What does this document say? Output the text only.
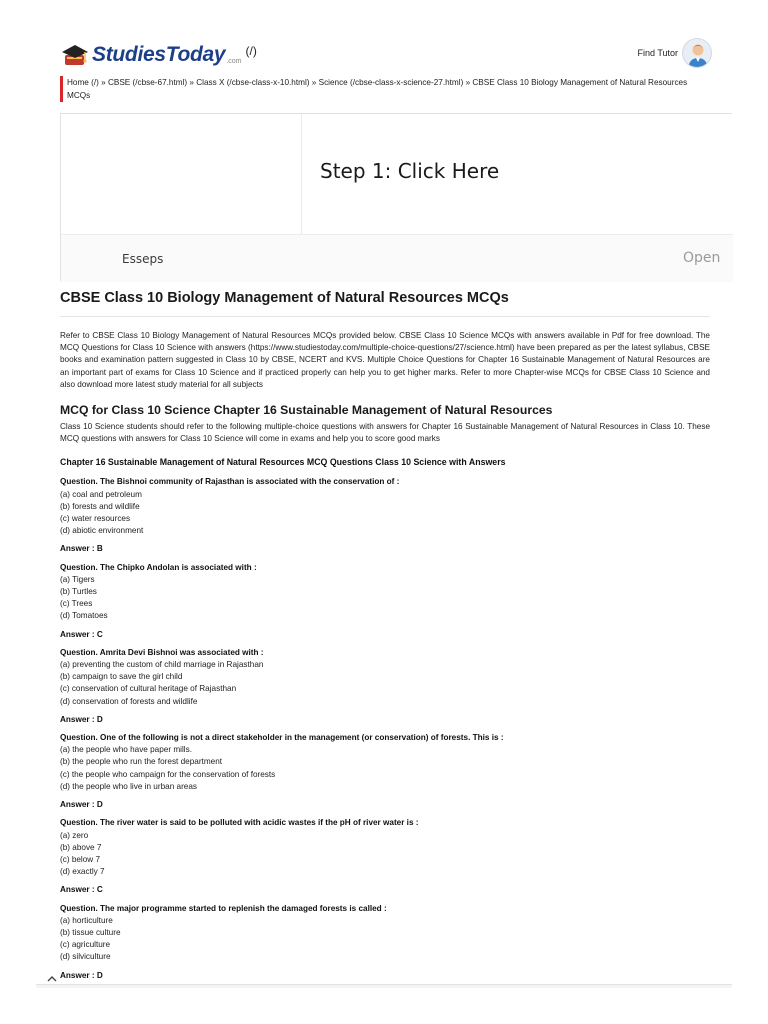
StudiesToday .com
(/)	Find Tutor
Home (/) » CBSE (/cbse-67.html) » Class X (/cbse-class-x-10.html) » Science (/cbse-class-x-science-27.html) » CBSE Class 10 Biology Management of Natural Resources MCQs
Step 1: Click Here
Esseps	Open
CBSE Class 10 Biology Management of Natural Resources MCQs

Refer to CBSE Class 10 Biology Management of Natural Resources MCQs provided below. CBSE Class 10 Science MCQs with answers available in Pdf for free download. The MCQ Questions for Class 10 Science with answers (https://www.studiestoday.com/multiple-choice-questions/27/science.html) have been prepared as per the latest syllabus, CBSE books and examination pattern suggested in Class 10 by CBSE, NCERT and KVS. Multiple Choice Questions for Chapter 16 Sustainable Management of Natural Resources are an important part of exams for Class 10 Science and if practiced properly can help you to get higher marks. Refer to more Chapter-wise MCQs for CBSE Class 10 Science and also download more latest study material for all subjects

MCQ for Class 10 Science Chapter 16 Sustainable Management of Natural Resources

Class 10 Science students should refer to the following multiple-choice questions with answers for Chapter 16 Sustainable Management of Natural Resources in Class 10. These MCQ questions with answers for Class 10 Science will come in exams and help you to score good marks

Chapter 16 Sustainable Management of Natural Resources MCQ Questions Class 10 Science with Answers
Question. The Bishnoi community of Rajasthan is associated with the conservation of :
(a) coal and petroleum
(b) forests and wildlife
(c) water resources
(d) abiotic environment
Answer : B
Question. The Chipko Andolan is associated with :
(a) Tigers
(b) Turtles
(c) Trees
(d) Tomatoes
Answer : C
Question. Amrita Devi Bishnoi was associated with :
(a) preventing the custom of child marriage in Rajasthan
(b) campaign to save the girl child
(c) conservation of cultural heritage of Rajasthan
(d) conservation of forests and wildlife
Answer : D
Question. One of the following is not a direct stakeholder in the management (or conservation) of forests. This is :
(a) the people who have paper mills.
(b) the people who run the forest department
(c) the people who campaign for the conservation of forests
(d) the people who live in urban areas
Answer : D
Question. The river water is said to be polluted with acidic wastes if the pH of river water is :
(a) zero
(b) above 7
(c) below 7
(d) exactly 7
Answer : C
Question. The major programme started to replenish the damaged forests is called :
(a) horticulture
(b) tissue culture
(c) agriculture
(d) silviculture
Answer : D
